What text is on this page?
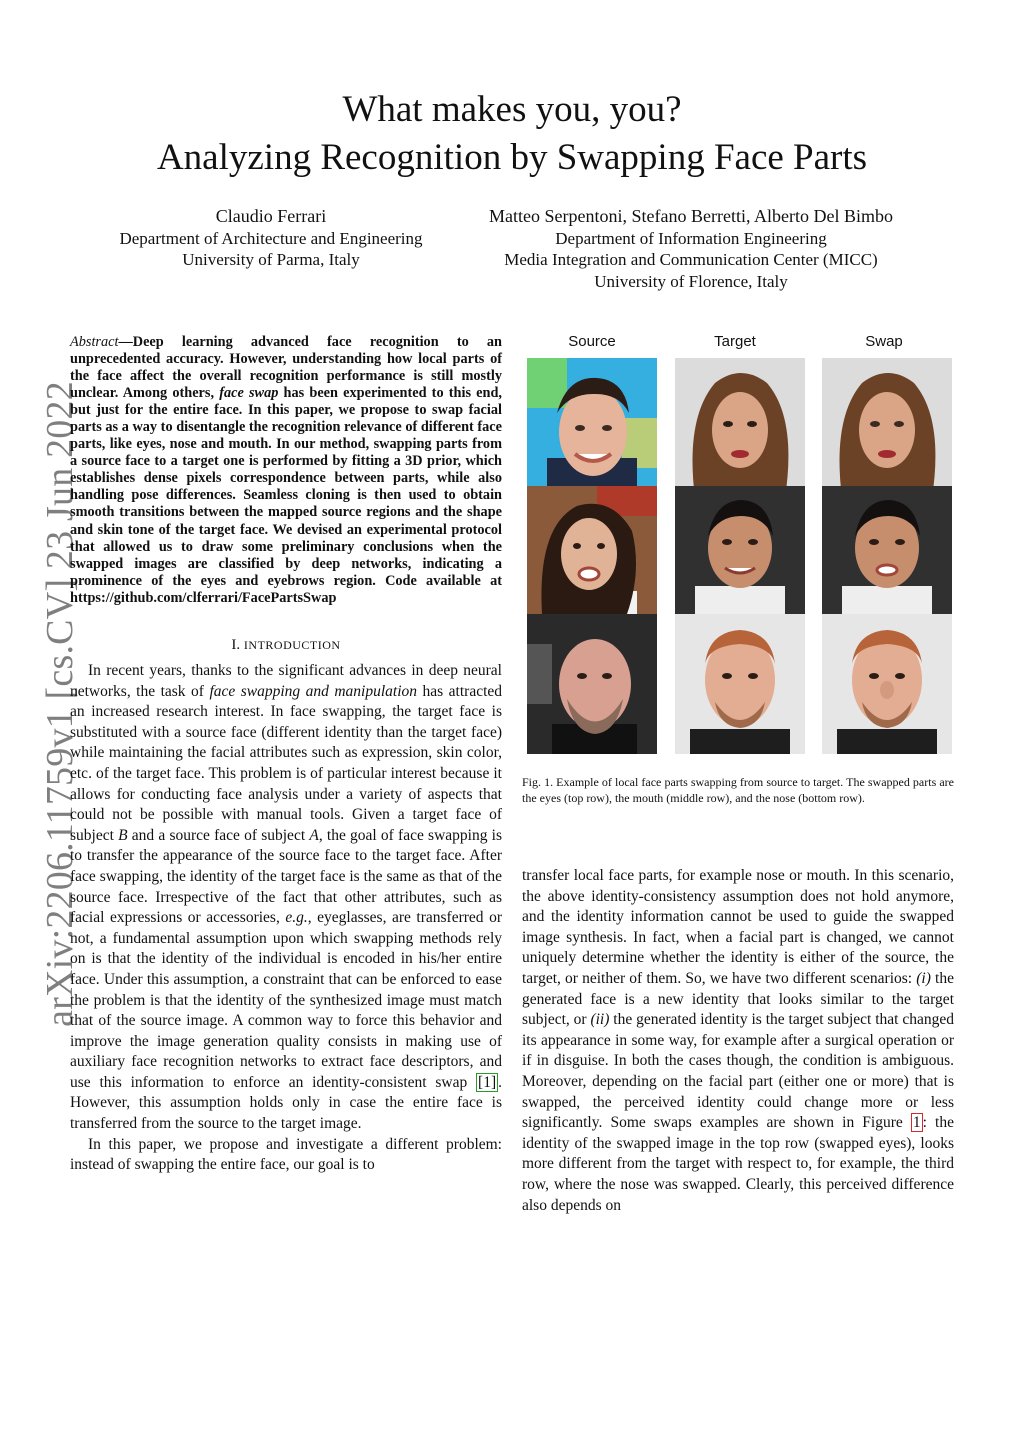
What makes you, you?
Analyzing Recognition by Swapping Face Parts
Claudio Ferrari
Department of Architecture and Engineering
University of Parma, Italy
Matteo Serpentoni, Stefano Berretti, Alberto Del Bimbo
Department of Information Engineering
Media Integration and Communication Center (MICC)
University of Florence, Italy
arXiv:2206.11759v1 [cs.CV] 23 Jun 2022
Abstract—Deep learning advanced face recognition to an unprecedented accuracy. However, understanding how local parts of the face affect the overall recognition performance is still mostly unclear. Among others, face swap has been experimented to this end, but just for the entire face. In this paper, we propose to swap facial parts as a way to disentangle the recognition relevance of different face parts, like eyes, nose and mouth. In our method, swapping parts from a source face to a target one is performed by fitting a 3D prior, which establishes dense pixels correspondence between parts, while also handling pose differences. Seamless cloning is then used to obtain smooth transitions between the mapped source regions and the shape and skin tone of the target face. We devised an experimental protocol that allowed us to draw some preliminary conclusions when the swapped images are classified by deep networks, indicating a prominence of the eyes and eyebrows region. Code available at https://github.com/clferrari/FacePartsSwap
I. INTRODUCTION

In recent years, thanks to the significant advances in deep neural networks, the task of face swapping and manipulation has attracted an increased research interest. In face swapping, the target face is substituted with a source face (different identity than the target face) while maintaining the facial attributes such as expression, skin color, etc. of the target face. This problem is of particular interest because it allows for conducting face analysis under a variety of aspects that could not be possible with manual tools. Given a target face of subject B and a source face of subject A, the goal of face swapping is to transfer the appearance of the source face to the target face. After face swapping, the identity of the target face is the same as that of the source face. Irrespective of the fact that other attributes, such as facial expressions or accessories, e.g., eyeglasses, are transferred or not, a fundamental assumption upon which swapping methods rely on is that the identity of the individual is encoded in his/her entire face. Under this assumption, a constraint that can be enforced to ease the problem is that the identity of the synthesized image must match that of the source image. A common way to force this behavior and improve the image generation quality consists in making use of auxiliary face recognition networks to extract face descriptors, and use this information to enforce an identity-consistent swap [1] . However, this assumption holds only in case the entire face is transferred from the source to the target image.

In this paper, we propose and investigate a different problem: instead of swapping the entire face, our goal is to

transfer local face parts, for example nose or mouth. In this scenario, the above identity-consistency assumption does not hold anymore, and the identity information cannot be used to guide the swapped image synthesis. In fact, when a facial part is changed, we cannot uniquely determine whether the identity is either of the source, the target, or neither of them. So, we have two different scenarios: (i) the generated face is a new identity that looks similar to the target subject, or (ii) the generated identity is the target subject that changed its appearance in some way, for example after a surgical operation or if in disguise. In both the cases though, the condition is ambiguous. Moreover, depending on the facial part (either one or more) that is swapped, the perceived identity could change more or less significantly. Some swaps examples are shown in Figure 1 : the identity of the swapped image in the top row (swapped eyes), looks more different from the target with respect to, for example, the third row, where the nose was swapped. Clearly, this perceived difference also depends on

Source	Target	Swap
Fig. 1. Example of local face parts swapping from source to target. The swapped parts are the eyes (top row), the mouth (middle row), and the nose (bottom row).
